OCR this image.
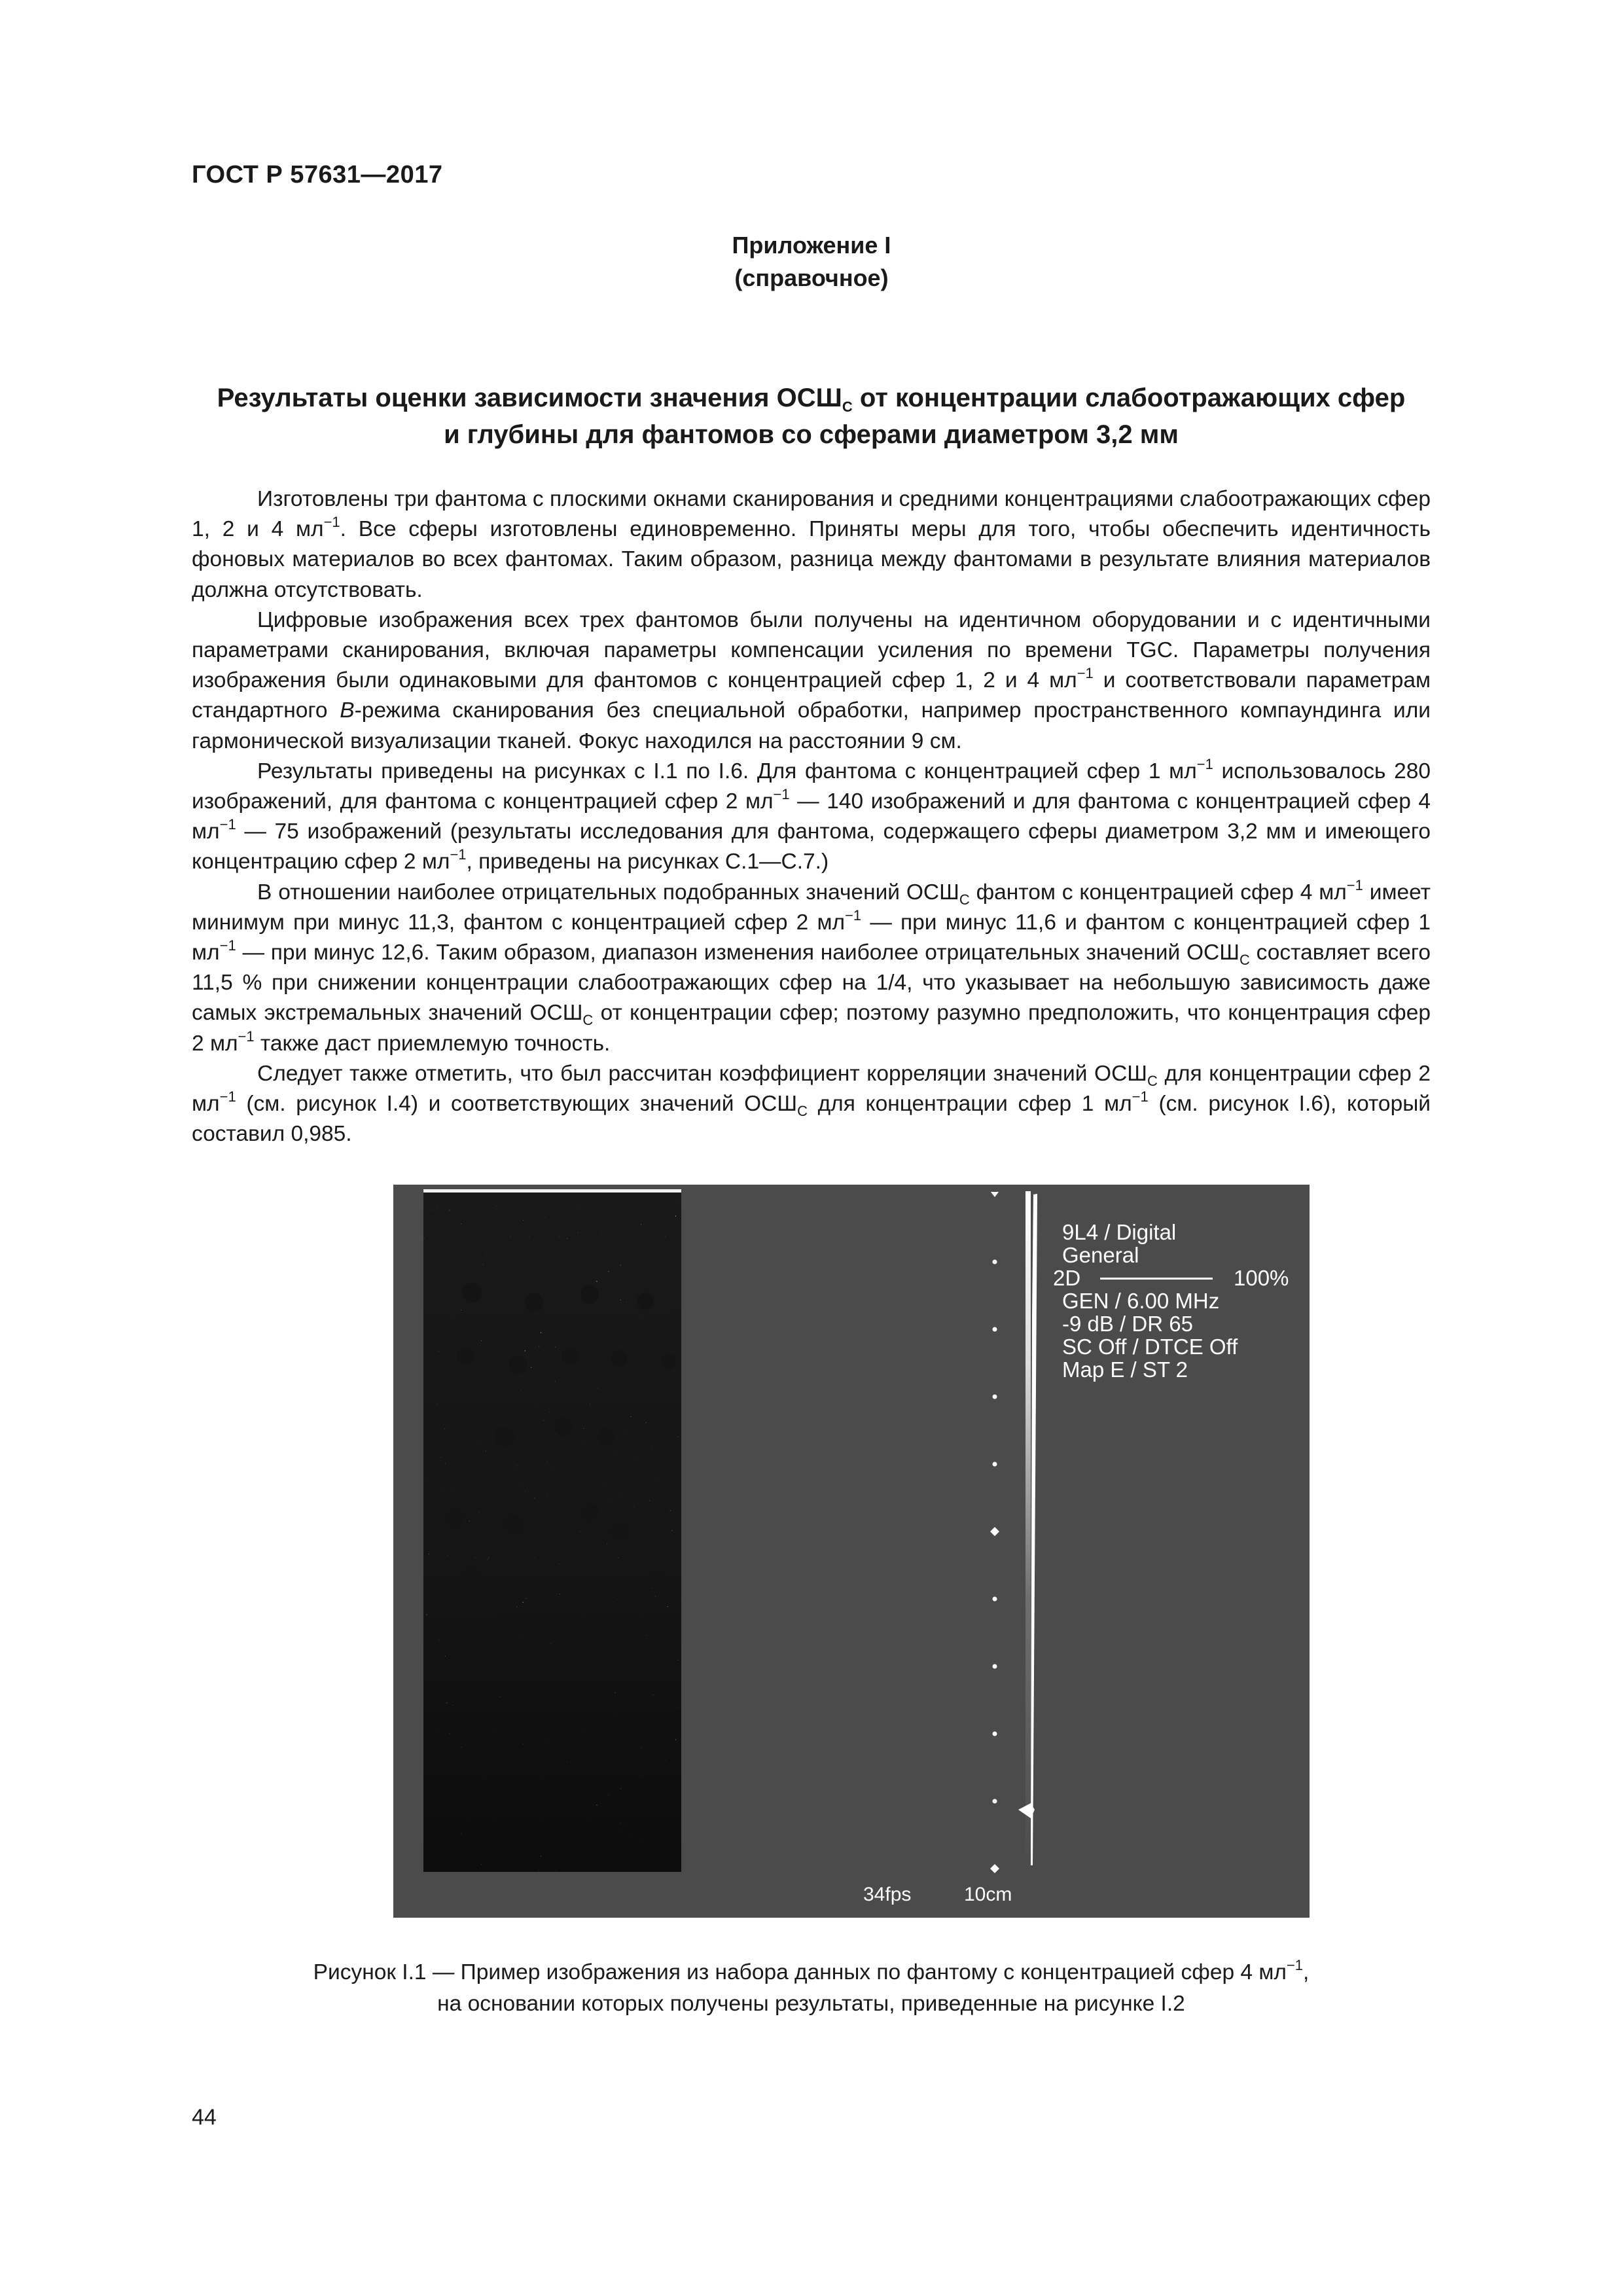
ГОСТ Р 57631—2017
Приложение I
(справочное)
Результаты оценки зависимости значения $ОСШ_С$ от концентрации слабоотражающих сфер
и глубины для фантомов со сферами диаметром 3,2 мм

Изготовлены три фантома с плоскими окнами сканирования и средними концентрациями слабоотражающих сфер 1, 2 и 4 $мл^{-1}$. Все сферы изготовлены единовременно. Приняты меры для того, чтобы обеспечить идентичность фоновых материалов во всех фантомах. Таким образом, разница между фантомами в результате влияния материалов должна отсутствовать.

Цифровые изображения всех трех фантомов были получены на идентичном оборудовании и с идентичными параметрами сканирования, включая параметры компенсации усиления по времени TGC. Параметры получения изображения были одинаковыми для фантомов с концентрацией сфер 1, 2 и 4 $мл^{-1}$ и соответствовали параметрам стандартного B-режима сканирования без специальной обработки, например пространственного компаундинга или гармонической визуализации тканей. Фокус находился на расстоянии 9 см.

Результаты приведены на рисунках с I.1 по I.6. Для фантома с концентрацией сфер 1 $мл^{-1}$ использовалось 280 изображений, для фантома с концентрацией сфер 2 $мл^{-1}$ — 140 изображений и для фантома с концентрацией сфер 4 $мл^{-1}$ — 75 изображений (результаты исследования для фантома, содержащего сферы диаметром 3,2 мм и имеющего концентрацию сфер 2 $мл^{-1}$, приведены на рисунках С.1—С.7.)

В отношении наиболее отрицательных подобранных значений $ОСШ_С$ фантом с концентрацией сфер 4 $мл^{-1}$ имеет минимум при минус 11,3, фантом с концентрацией сфер 2 $мл^{-1}$ — при минус 11,6 и фантом с концентрацией сфер 1 $мл^{-1}$ — при минус 12,6. Таким образом, диапазон изменения наиболее отрицательных значений $ОСШ_С$ составляет всего 11,5 % при снижении концентрации слабоотражающих сфер на 1/4, что указывает на небольшую зависимость даже самых экстремальных значений $ОСШ_С$ от концентрации сфер; поэтому разумно предположить, что концентрация сфер 2 $мл^{-1}$ также даст приемлемую точность.

Следует также отметить, что был рассчитан коэффициент корреляции значений $ОСШ_С$ для концентрации сфер 2 $мл^{-1}$ (см. рисунок I.4) и соответствующих значений $ОСШ_С$ для концентрации сфер 1 $мл^{-1}$ (см. рисунок I.6), который составил 0,985.

9L4 / Digital
General
2D	100%
GEN / 6.00 MHz
-9 dB / DR 65
SC Off / DTCE Off
Map E / ST 2
34fps	10cm
Рисунок I.1 — Пример изображения из набора данных по фантому с концентрацией сфер 4 $мл^{-1}$,
на основании которых получены результаты, приведенные на рисунке I.2
44
